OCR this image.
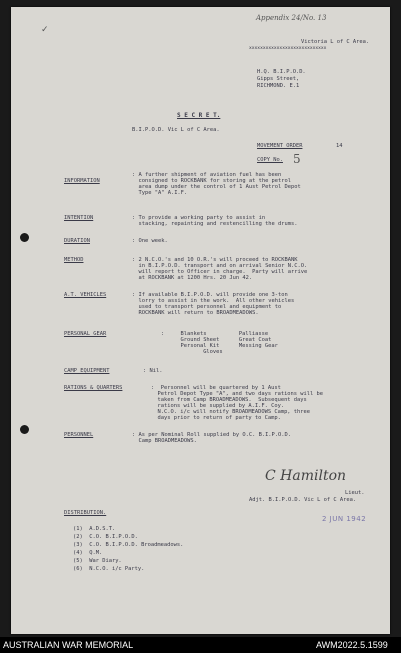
Appendix 24/No. 13
✓
Victoria L of C Area.
xxxxxxxxxxxxxxxxxxxxxxxxxxxx
H.Q. B.I.P.O.D.
Gipps Street,
RICHMOND. E.1
S E C R E T.
B.I.P.O.D. Vic L of C Area.
MOVEMENT ORDER	14
COPY No. 5
INFORMATION
: A further shipment of aviation fuel has been
consigned to ROCKBANK for storing at the petrol
area dump under the control of 1 Aust Petrol Depot
Type "A" A.I.F.
INTENTION	: To provide a working party to assist in
stacking, repainting and restencilling the drums.
DURATION	: One week.
METHOD	: 2 N.C.O.'s and 10 O.R.'s will proceed to ROCKBANK
in B.I.P.O.D. transport and on arrival Senior N.C.O.
will report to Officer in charge.  Party will arrive
at ROCKBANK at 1200 Hrs. 20 Jun 42.
A.T. VEHICLES	: If available B.I.P.O.D. will provide one 3-ton
lorry to assist in the work.  All other vehicles
used to transport personnel and equipment to
ROCKBANK will return to BROADMEADOWS.
PERSONAL GEAR	:     Blankets          Palliasse
Ground Sheet      Great Coat
Personal Kit      Messing Gear
Gloves
CAMP EQUIPMENT	: Nil.
RATIONS & QUARTERS	:  Personnel will be quartered by 1 Aust
Petrol Depot Type "A", and two days rations will be
taken from Camp BROADMEADOWS.  Subsequent days
rations will be supplied by A.I.F. Coy.
N.C.O. i/c will notify BROADMEADOWS Camp, three
days prior to return of party to Camp.
PERSONNEL	: As per Nominal Roll supplied by O.C. B.I.P.O.D.
Camp BROADMEADOWS.
C Hamilton
Lieut.
Adjt. B.I.P.O.D. Vic L of C Area.
2 JUN 1942
DISTRIBUTION.
(1)  A.D.S.T.
(2)  C.O. B.I.P.O.D.
(3)  C.O. B.I.P.O.D. Broadmeadows.
(4)  Q.M.
(5)  War Diary.
(6)  N.C.O. i/c Party.
AUSTRALIAN WAR MEMORIAL	AWM2022.5.1599
